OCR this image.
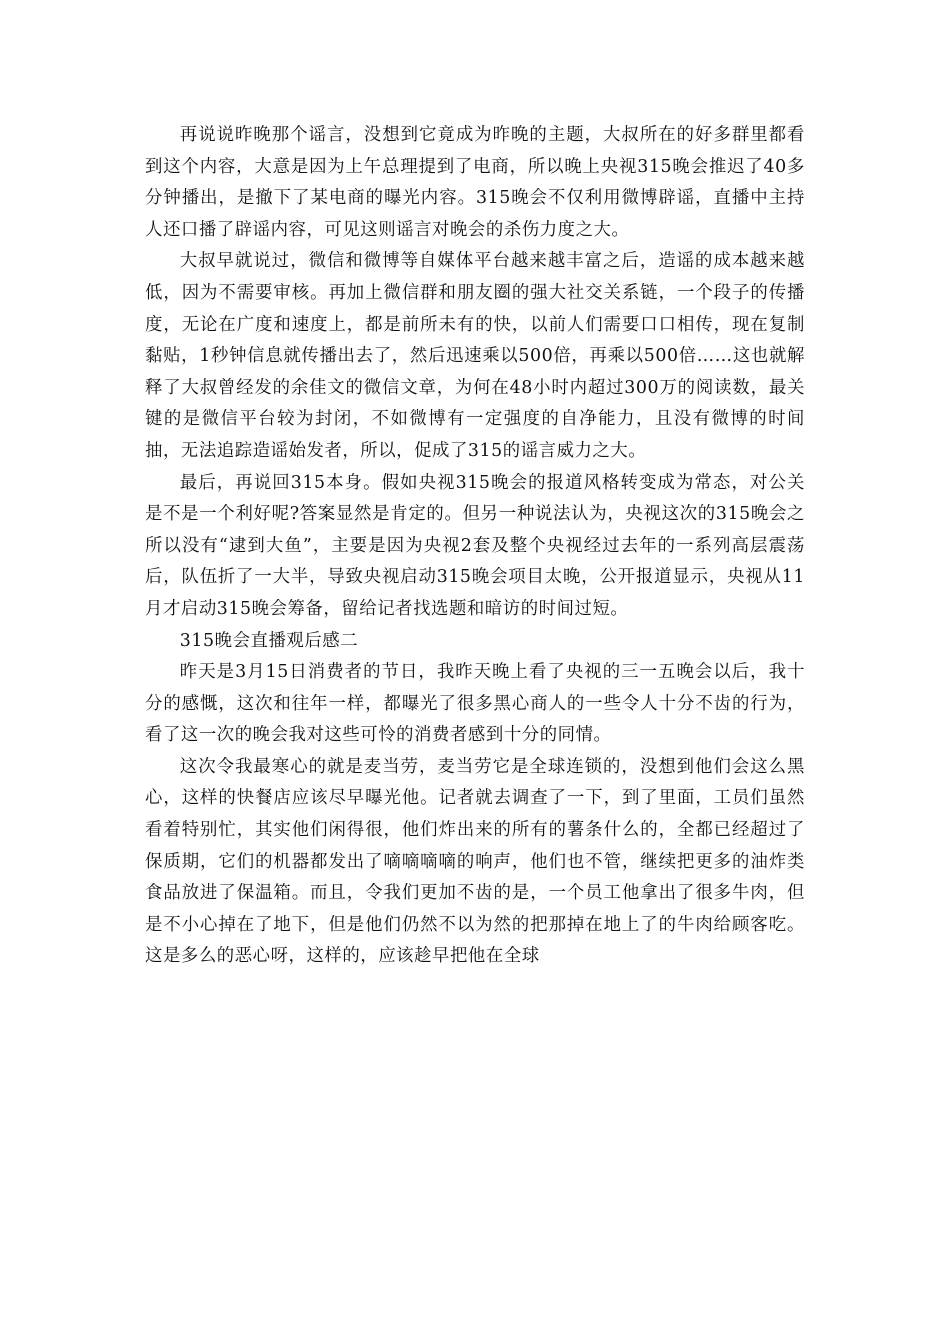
再说说昨晚那个谣言，没想到它竟成为昨晚的主题，大叔所在的好多群里都看到这个内容，大意是因为上午总理提到了电商，所以晚上央视315晚会推迟了40多分钟播出，是撤下了某电商的曝光内容。315晚会不仅利用微博辟谣，直播中主持人还口播了辟谣内容，可见这则谣言对晚会的杀伤力度之大。

大叔早就说过，微信和微博等自媒体平台越来越丰富之后，造谣的成本越来越低，因为不需要审核。再加上微信群和朋友圈的强大社交关系链，一个段子的传播度，无论在广度和速度上，都是前所未有的快，以前人们需要口口相传，现在复制黏贴，1秒钟信息就传播出去了，然后迅速乘以500倍，再乘以500倍……这也就解释了大叔曾经发的余佳文的微信文章，为何在48小时内超过300万的阅读数，最关键的是微信平台较为封闭，不如微博有一定强度的自净能力，且没有微博的时间抽，无法追踪造谣始发者，所以，促成了315的谣言威力之大。

最后，再说回315本身。假如央视315晚会的报道风格转变成为常态，对公关是不是一个利好呢?答案显然是肯定的。但另一种说法认为，央视这次的315晚会之所以没有“逮到大鱼”，主要是因为央视2套及整个央视经过去年的一系列高层震荡后，队伍折了一大半，导致央视启动315晚会项目太晚，公开报道显示，央视从11月才启动315晚会筹备，留给记者找选题和暗访的时间过短。

315晚会直播观后感二

昨天是3月15日消费者的节日，我昨天晚上看了央视的三一五晚会以后，我十分的感慨，这次和往年一样，都曝光了很多黑心商人的一些令人十分不齿的行为，看了这一次的晚会我对这些可怜的消费者感到十分的同情。

这次令我最寒心的就是麦当劳，麦当劳它是全球连锁的，没想到他们会这么黑心，这样的快餐店应该尽早曝光他。记者就去调查了一下，到了里面，工员们虽然看着特别忙，其实他们闲得很，他们炸出来的所有的薯条什么的，全都已经超过了保质期，它们的机器都发出了嘀嘀嘀嘀的响声，他们也不管，继续把更多的油炸类食品放进了保温箱。而且，令我们更加不齿的是，一个员工他拿出了很多牛肉，但是不小心掉在了地下，但是他们仍然不以为然的把那掉在地上了的牛肉给顾客吃。这是多么的恶心呀，这样的，应该趁早把他在全球
